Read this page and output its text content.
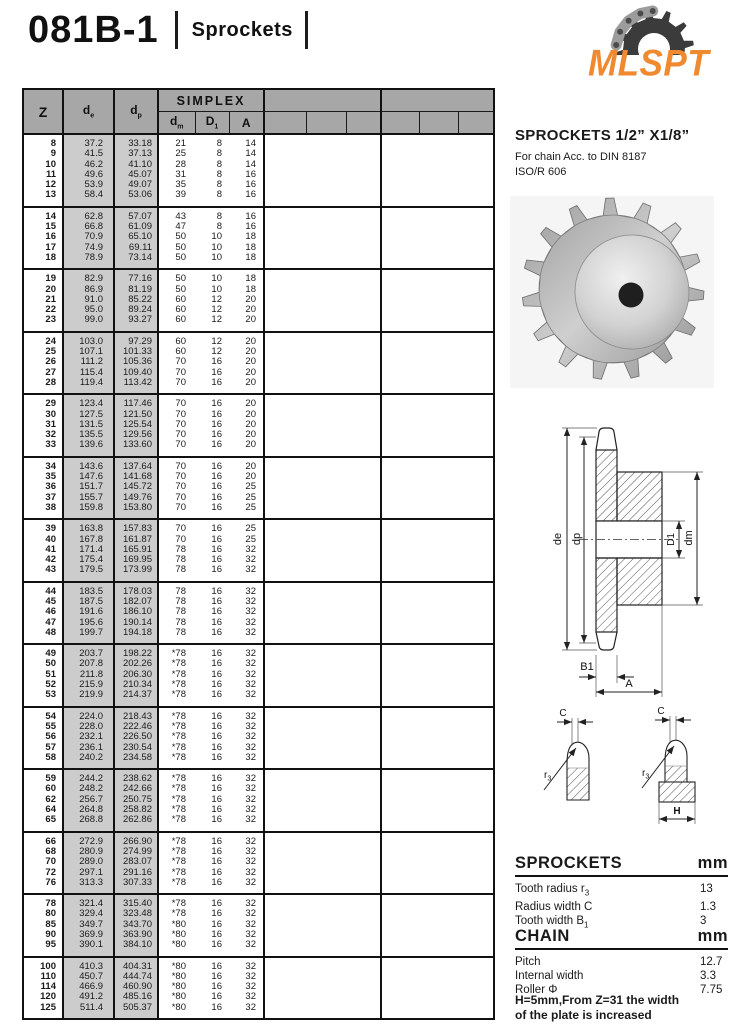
081B-1 Sprockets
MLSPT
Z	$d_e$	$d_p$	SIMPLEX								
			$d_m$	$D_1$	A						
8	37.2	33.18	21	8	14						
9	41.5	37.13	25	8	14						
10	46.2	41.10	28	8	14						
11	49.6	45.07	31	8	16						
12	53.9	49.07	35	8	16						
13	58.4	53.06	39	8	16						
14	62.8	57.07	43	8	16						
15	66.8	61.09	47	8	16						
16	70.9	65.10	50	10	18						
17	74.9	69.11	50	10	18						
18	78.9	73.14	50	10	18						
19	82.9	77.16	50	10	18						
20	86.9	81.19	50	10	18						
21	91.0	85.22	60	12	20						
22	95.0	89.24	60	12	20						
23	99.0	93.27	60	12	20						
24	103.0	97.29	60	12	20						
25	107.1	101.33	60	12	20						
26	111.2	105.36	70	16	20						
27	115.4	109.40	70	16	20						
28	119.4	113.42	70	16	20						
29	123.4	117.46	70	16	20						
30	127.5	121.50	70	16	20						
31	131.5	125.54	70	16	20						
32	135.5	129.56	70	16	20						
33	139.6	133.60	70	16	20						
34	143.6	137.64	70	16	20						
35	147.6	141.68	70	16	20						
36	151.7	145.72	70	16	25						
37	155.7	149.76	70	16	25						
38	159.8	153.80	70	16	25						
39	163.8	157.83	70	16	25						
40	167.8	161.87	70	16	25						
41	171.4	165.91	78	16	32						
42	175.4	169.95	78	16	32						
43	179.5	173.99	78	16	32						
44	183.5	178.03	78	16	32						
45	187.5	182.07	78	16	32						
46	191.6	186.10	78	16	32						
47	195.6	190.14	78	16	32						
48	199.7	194.18	78	16	32						
49	203.7	198.22	*78	16	32						
50	207.8	202.26	*78	16	32						
51	211.8	206.30	*78	16	32						
52	215.9	210.34	*78	16	32						
53	219.9	214.37	*78	16	32						
54	224.0	218.43	*78	16	32						
55	228.0	222.46	*78	16	32						
56	232.1	226.50	*78	16	32						
57	236.1	230.54	*78	16	32						
58	240.2	234.58	*78	16	32						
59	244.2	238.62	*78	16	32						
60	248.2	242.66	*78	16	32						
62	256.7	250.75	*78	16	32						
64	264.8	258.82	*78	16	32						
65	268.8	262.86	*78	16	32						
66	272.9	266.90	*78	16	32						
68	280.9	274.99	*78	16	32						
70	289.0	283.07	*78	16	32						
72	297.1	291.16	*78	16	32						
76	313.3	307.33	*78	16	32						
78	321.4	315.40	*78	16	32						
80	329.4	323.48	*78	16	32						
85	349.7	343.70	*80	16	32						
90	369.9	363.90	*80	16	32						
95	390.1	384.10	*80	16	32						
100	410.3	404.31	*80	16	32						
110	450.7	444.74	*80	16	32						
114	466.9	460.90	*80	16	32						
120	491.2	485.16	*80	16	32						
125	511.4	505.37	*80	16	32						
SPROCKETS 1/2” X1/8”
For chain Acc. to DIN 8187
ISO/R 606
de dp	D1 dm
B1
A
C
$r_3$
C
$r_3$
H
SPROCKETS	mm
Tooth radius $r_3$	13
Radius width C	1.3
Tooth width $B_1$	3
CHAIN	mm
Pitch	12.7
Internal width	3.3
Roller Φ	7.75
H=5mm,From Z=31 the width
of the plate is increased
